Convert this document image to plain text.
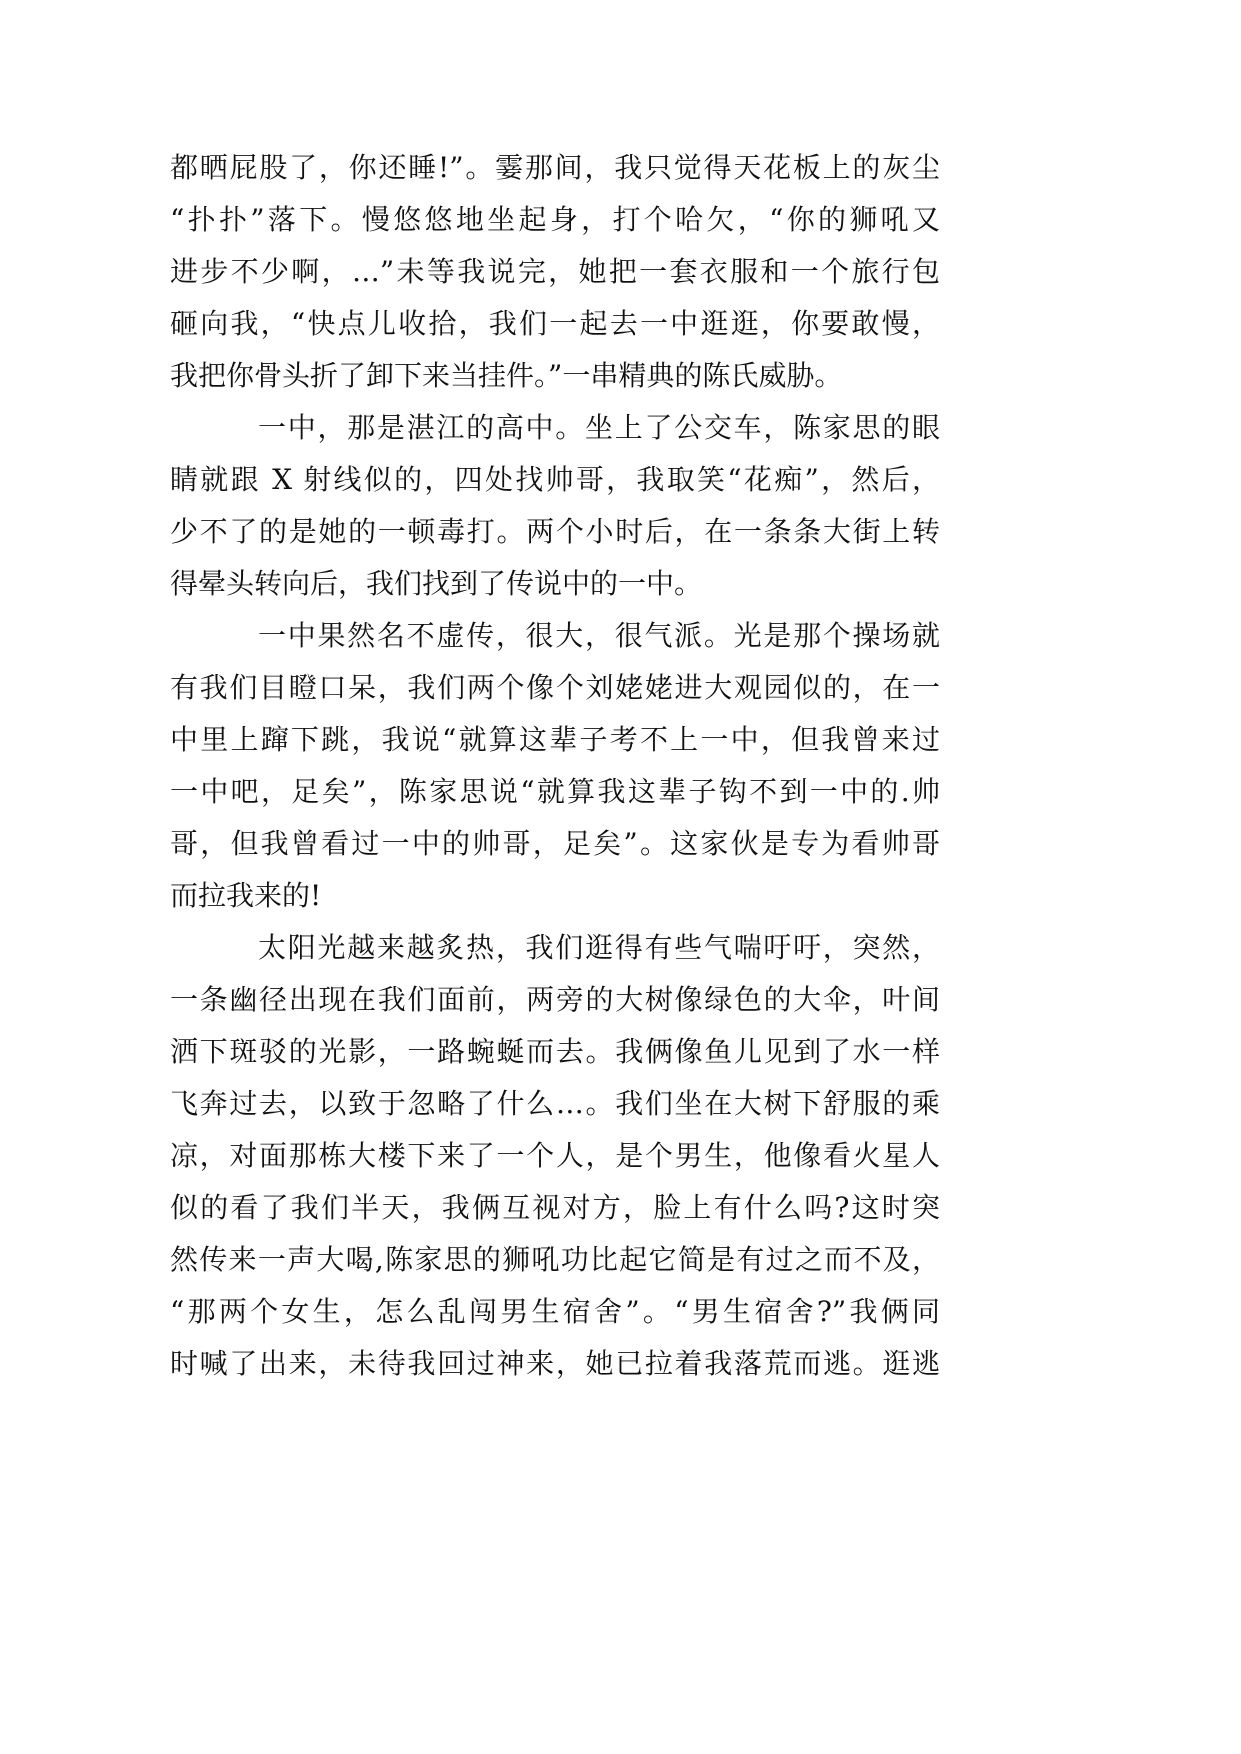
都晒屁股了，你还睡!”。霎那间，我只觉得天花板上的灰尘
“扑扑”落下。慢悠悠地坐起身，打个哈欠，“你的狮吼又
进步不少啊，…”未等我说完，她把一套衣服和一个旅行包
砸向我，“快点儿收拾，我们一起去一中逛逛，你要敢慢，
我把你骨头折了卸下来当挂件。”一串精典的陈氏威胁。
一中，那是湛江的高中。坐上了公交车，陈家思的眼
睛就跟 X 射线似的，四处找帅哥，我取笑“花痴”，然后，
少不了的是她的一顿毒打。两个小时后，在一条条大街上转
得晕头转向后，我们找到了传说中的一中。
一中果然名不虚传，很大，很气派。光是那个操场就
有我们目瞪口呆，我们两个像个刘姥姥进大观园似的，在一
中里上蹿下跳，我说“就算这辈子考不上一中，但我曾来过
一中吧，足矣”，陈家思说“就算我这辈子钩不到一中的.帅
哥，但我曾看过一中的帅哥，足矣”。这家伙是专为看帅哥
而拉我来的!
太阳光越来越炙热，我们逛得有些气喘吁吁，突然，
一条幽径出现在我们面前，两旁的大树像绿色的大伞，叶间
洒下斑驳的光影，一路蜿蜒而去。我俩像鱼儿见到了水一样
飞奔过去，以致于忽略了什么…。我们坐在大树下舒服的乘
凉，对面那栋大楼下来了一个人，是个男生，他像看火星人
似的看了我们半天，我俩互视对方，脸上有什么吗?这时突
然传来一声大喝,陈家思的狮吼功比起它简是有过之而不及，
“那两个女生，怎么乱闯男生宿舍”。“男生宿舍?”我俩同
时喊了出来，未待我回过神来，她已拉着我落荒而逃。逛逃
